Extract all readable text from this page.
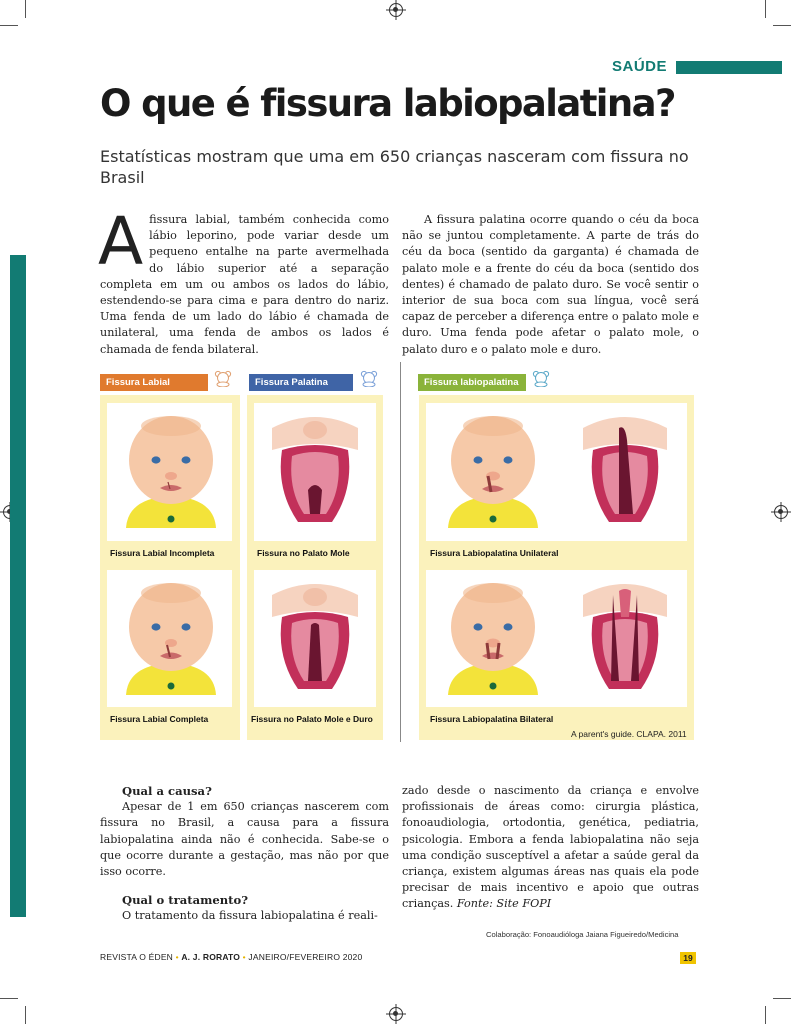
SAÚDE
O que é fissura labiopalatina?
Estatísticas mostram que uma em 650 crianças nasceram com fissura no Brasil
Afissura labial, também conhecida como lábio leporino, pode variar desde um pequeno entalhe na parte avermelhada do lábio superior até a separação completa em um ou ambos os lados do lábio, estendendo-se para cima e para dentro do nariz. Uma fenda de um lado do lábio é chamada de unilateral, uma fenda de ambos os lados é chamada de fenda bilateral.
A fissura palatina ocorre quando o céu da boca não se juntou completamente. A parte de trás do céu da boca (sentido da garganta) é chamada de palato mole e a frente do céu da boca (sentido dos dentes) é chamado de palato duro. Se você sentir o interior de sua boca com sua língua, você será capaz de perceber a diferença entre o palato mole e duro. Uma fenda pode afetar o palato mole, o palato duro e o palato mole e duro.
Fissura Labial	Fissura Palatina	Fissura labiopalatina
Fissura Labial Incompleta
Fissura Labial Completa
Fissura no Palato Mole
Fissura no Palato Mole e Duro
Fissura Labiopalatina Unilateral
Fissura Labiopalatina Bilateral
A parent's guide. CLAPA. 2011

Qual a causa?

Apesar de 1 em 650 crianças nascerem com fissura no Brasil, a causa para a fissura labiopalatina ainda não é conhecida. Sabe-se o que ocorre durante a gestação, mas não por que isso ocorre.

Qual o tratamento?

O tratamento da fissura labiopalatina é reali-
zado desde o nascimento da criança e envolve profissionais de áreas como: cirurgia plástica, fonoaudiologia, ortodontia, genética, pediatria, psicologia. Embora a fenda labiopalatina não seja uma condição susceptível a afetar a saúde geral da criança, existem algumas áreas nas quais ela pode precisar de mais incentivo e apoio que outras crianças. Fonte: Site FOPI
Colaboração: Fonoaudióloga Jaiana Figueiredo/Medicina
REVISTA O ÉDEN • A. J. RORATO • JANEIRO/FEVEREIRO 2020	19
